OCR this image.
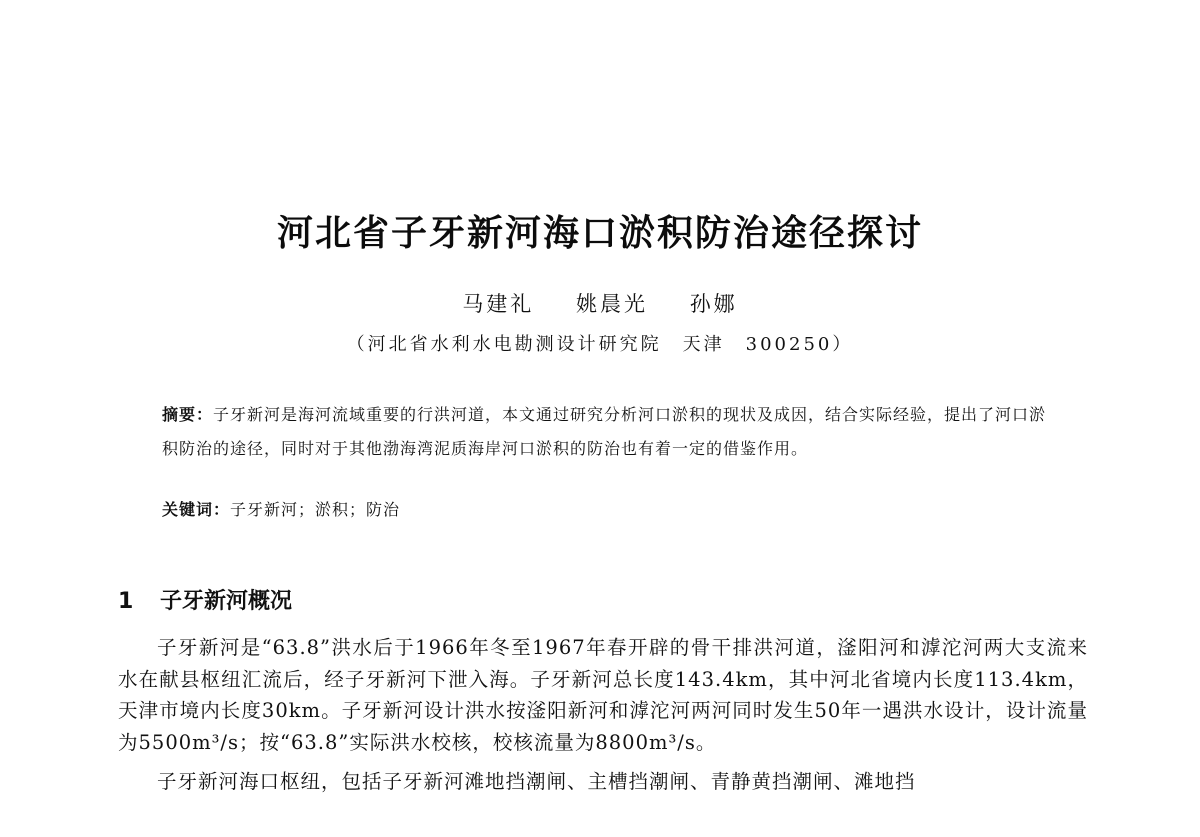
河北省子牙新河海口淤积防治途径探讨
马建礼 姚晨光 孙娜
（河北省水利水电勘测设计研究院　天津　300250）
摘要：子牙新河是海河流域重要的行洪河道，本文通过研究分析河口淤积的现状及成因，结合实际经验，提出了河口淤积防治的途径，同时对于其他渤海湾泥质海岸河口淤积的防治也有着一定的借鉴作用。
关键词：子牙新河；淤积；防治
1 子牙新河概况

子牙新河是“63.8”洪水后于1966年冬至1967年春开辟的骨干排洪河道，滏阳河和滹沱河两大支流来水在献县枢纽汇流后，经子牙新河下泄入海。子牙新河总长度143.4km，其中河北省境内长度113.4km，天津市境内长度30km。子牙新河设计洪水按滏阳新河和滹沱河两河同时发生50年一遇洪水设计，设计流量为5500m³/s；按“63.8”实际洪水校核，校核流量为8800m³/s。

子牙新河海口枢纽，包括子牙新河滩地挡潮闸、主槽挡潮闸、青静黄挡潮闸、滩地挡
